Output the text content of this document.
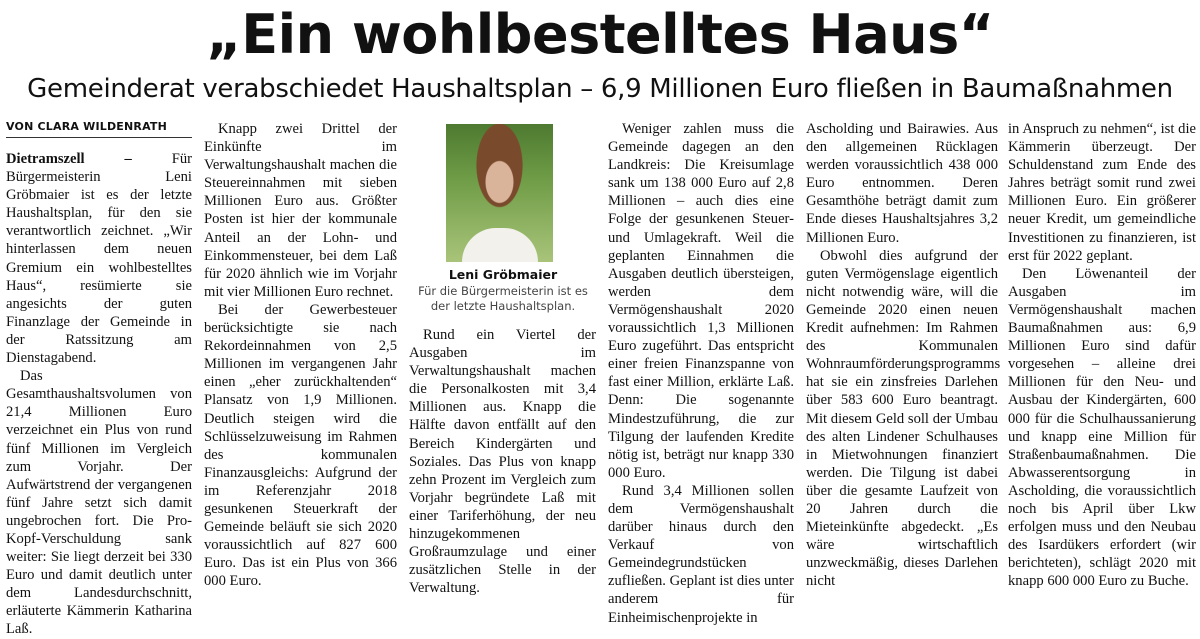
„Ein wohlbestelltes Haus“
Gemeinderat verabschiedet Haushaltsplan – 6,9 Millionen Euro fließen in Baumaßnahmen
VON CLARA WILDENRATH

Dietramszell – Für Bürgermeisterin Leni Gröbmaier ist es der letzte Haushaltsplan, für den sie verantwortlich zeichnet. „Wir hinterlassen dem neuen Gremium ein wohlbestelltes Haus“, resümierte sie angesichts der guten Finanzlage der Gemeinde in der Ratssitzung am Dienstagabend.

Das Gesamthaushaltsvolumen von 21,4 Millionen Euro verzeichnet ein Plus von rund fünf Millionen im Vergleich zum Vorjahr. Der Aufwärtstrend der vergangenen fünf Jahre setzt sich damit ungebrochen fort. Die Pro-Kopf-Verschuldung sank weiter: Sie liegt derzeit bei 330 Euro und damit deutlich unter dem Landesdurchschnitt, erläuterte Kämmerin Katharina Laß.

Knapp zwei Drittel der Einkünfte im Verwaltungshaushalt machen die Steuereinnahmen mit sieben Millionen Euro aus. Größter Posten ist hier der kommunale Anteil an der Lohn- und Einkommensteuer, bei dem Laß für 2020 ähnlich wie im Vorjahr mit vier Millionen Euro rechnet.

Bei der Gewerbesteuer berücksichtigte sie nach Rekordeinnahmen von 2,5 Millionen im vergangenen Jahr einen „eher zurückhaltenden“ Plansatz von 1,9 Millionen. Deutlich steigen wird die Schlüsselzuweisung im Rahmen des kommunalen Finanzausgleichs: Aufgrund der im Referenzjahr 2018 gesunkenen Steuerkraft der Gemeinde beläuft sie sich 2020 voraussichtlich auf 827 600 Euro. Das ist ein Plus von 366 000 Euro.

Leni Gröbmaier
Für die Bürgermeisterin ist es der letzte Haushaltsplan.

Rund ein Viertel der Ausgaben im Verwaltungshaushalt machen die Personalkosten mit 3,4 Millionen aus. Knapp die Hälfte davon entfällt auf den Bereich Kindergärten und Soziales. Das Plus von knapp zehn Prozent im Vergleich zum Vorjahr begründete Laß mit einer Tariferhöhung, der neu hinzugekommenen Großraumzulage und einer zusätzlichen Stelle in der Verwaltung.

Weniger zahlen muss die Gemeinde dagegen an den Landkreis: Die Kreisumlage sank um 138 000 Euro auf 2,8 Millionen – auch dies eine Folge der gesunkenen Steuer- und Umlagekraft. Weil die geplanten Einnahmen die Ausgaben deutlich übersteigen, werden dem Vermögenshaushalt 2020 voraussichtlich 1,3 Millionen Euro zugeführt. Das entspricht einer freien Finanzspanne von fast einer Million, erklärte Laß. Denn: Die sogenannte Mindestzuführung, die zur Tilgung der laufenden Kredite nötig ist, beträgt nur knapp 330 000 Euro.

Rund 3,4 Millionen sollen dem Vermögenshaushalt darüber hinaus durch den Verkauf von Gemeindegrundstücken zufließen. Geplant ist dies unter anderem für Einheimischenprojekte in

Ascholding und Bairawies. Aus den allgemeinen Rücklagen werden voraussichtlich 438 000 Euro entnommen. Deren Gesamthöhe beträgt damit zum Ende dieses Haushaltsjahres 3,2 Millionen Euro.

Obwohl dies aufgrund der guten Vermögenslage eigentlich nicht notwendig wäre, will die Gemeinde 2020 einen neuen Kredit aufnehmen: Im Rahmen des Kommunalen Wohnraumförderungsprogramms hat sie ein zinsfreies Darlehen über 583 600 Euro beantragt. Mit diesem Geld soll der Umbau des alten Lindener Schulhauses in Mietwohnungen finanziert werden. Die Tilgung ist dabei über die gesamte Laufzeit von 20 Jahren durch die Mieteinkünfte abgedeckt. „Es wäre wirtschaftlich unzweckmäßig, dieses Darlehen nicht

in Anspruch zu nehmen“, ist die Kämmerin überzeugt. Der Schuldenstand zum Ende des Jahres beträgt somit rund zwei Millionen Euro. Ein größerer neuer Kredit, um gemeindliche Investitionen zu finanzieren, ist erst für 2022 geplant.

Den Löwenanteil der Ausgaben im Vermögenshaushalt machen Baumaßnahmen aus: 6,9 Millionen Euro sind dafür vorgesehen – alleine drei Millionen für den Neu- und Ausbau der Kindergärten, 600 000 für die Schulhaussanierung und knapp eine Million für Straßenbaumaßnahmen. Die Abwasserentsorgung in Ascholding, die voraussichtlich noch bis April über Lkw erfolgen muss und den Neubau des Isardükers erfordert (wir berichteten), schlägt 2020 mit knapp 600 000 Euro zu Buche.
